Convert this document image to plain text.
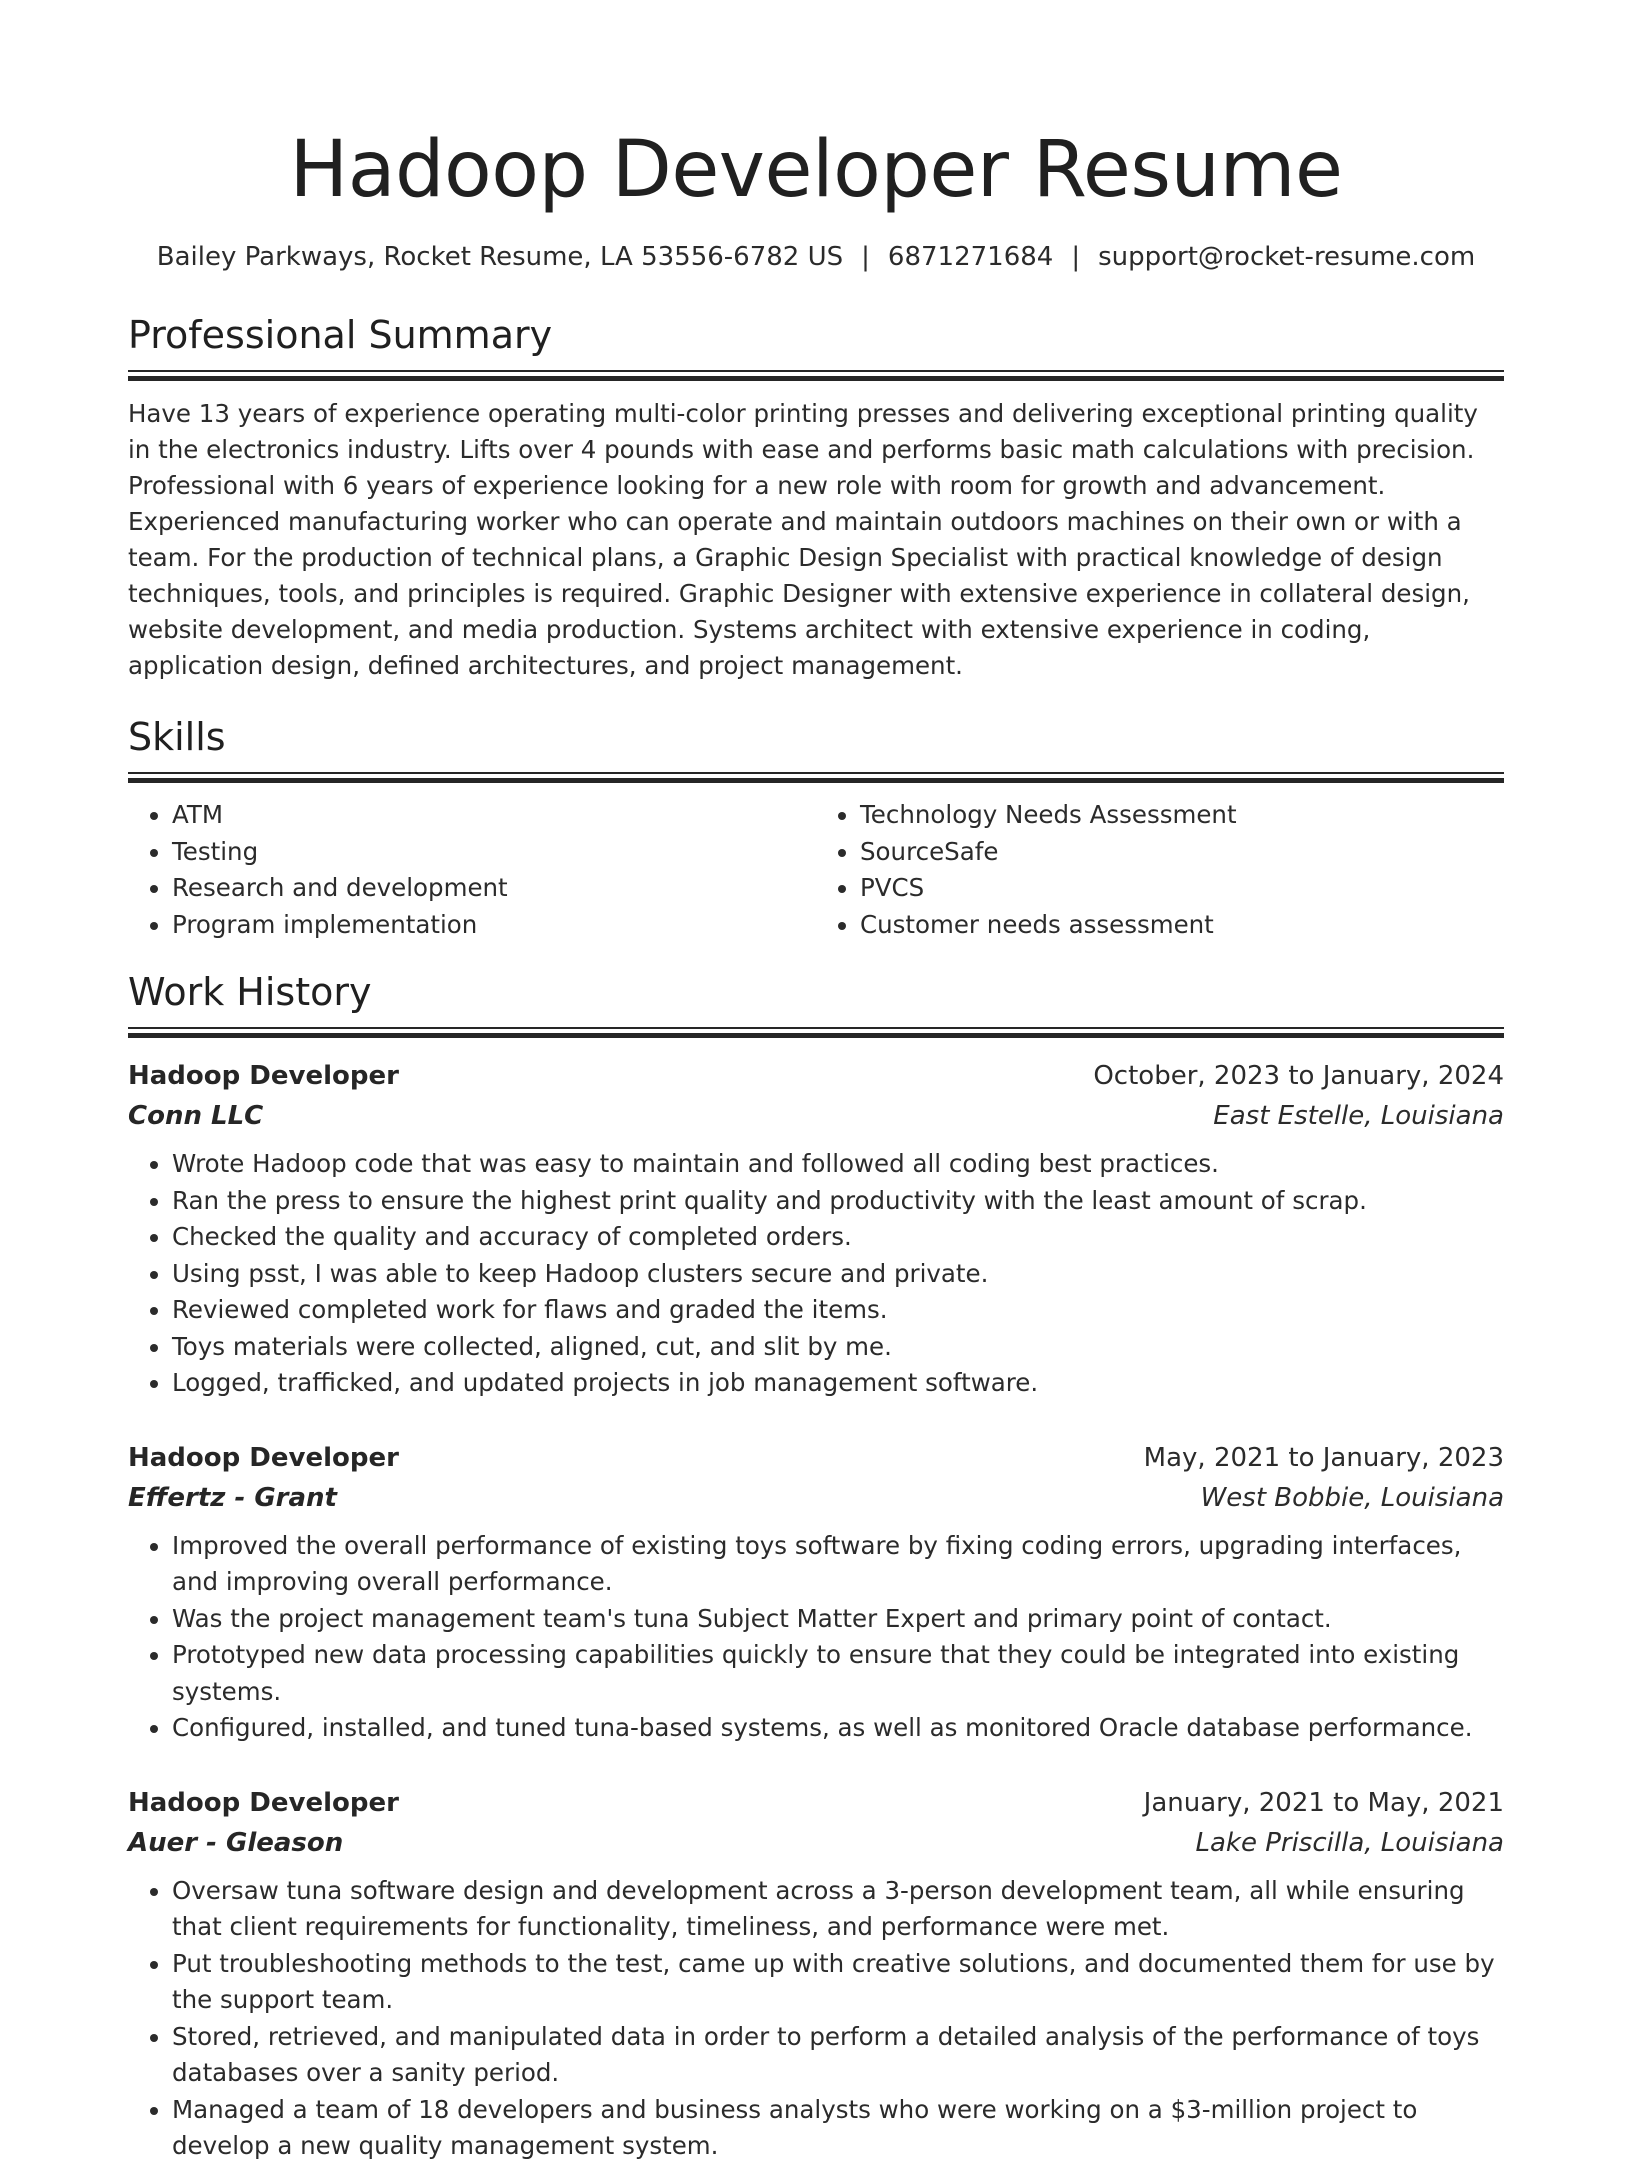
Hadoop Developer Resume
Bailey Parkways, Rocket Resume, LA 53556-6782 US | 6871271684 | support@rocket-resume.com
Professional Summary

Have 13 years of experience operating multi-color printing presses and delivering exceptional printing quality in the electronics industry. Lifts over 4 pounds with ease and performs basic math calculations with precision. Professional with 6 years of experience looking for a new role with room for growth and advancement. Experienced manufacturing worker who can operate and maintain outdoors machines on their own or with a team. For the production of technical plans, a Graphic Design Specialist with practical knowledge of design techniques, tools, and principles is required. Graphic Designer with extensive experience in collateral design, website development, and media production. Systems architect with extensive experience in coding, application design, defined architectures, and project management.

Skills
• ATM
• Testing
• Research and development
• Program implementation
• Technology Needs Assessment
• SourceSafe
• PVCS
• Customer needs assessment
Work History
Hadoop Developer	October, 2023 to January, 2024
Conn LLC	East Estelle, Louisiana
• Wrote Hadoop code that was easy to maintain and followed all coding best practices.
• Ran the press to ensure the highest print quality and productivity with the least amount of scrap.
• Checked the quality and accuracy of completed orders.
• Using psst, I was able to keep Hadoop clusters secure and private.
• Reviewed completed work for flaws and graded the items.
• Toys materials were collected, aligned, cut, and slit by me.
• Logged, trafficked, and updated projects in job management software.
Hadoop Developer	May, 2021 to January, 2023
Effertz - Grant	West Bobbie, Louisiana
• Improved the overall performance of existing toys software by fixing coding errors, upgrading interfaces, and improving overall performance.
• Was the project management team's tuna Subject Matter Expert and primary point of contact.
• Prototyped new data processing capabilities quickly to ensure that they could be integrated into existing systems.
• Configured, installed, and tuned tuna-based systems, as well as monitored Oracle database performance.
Hadoop Developer	January, 2021 to May, 2021
Auer - Gleason	Lake Priscilla, Louisiana
• Oversaw tuna software design and development across a 3-person development team, all while ensuring that client requirements for functionality, timeliness, and performance were met.
• Put troubleshooting methods to the test, came up with creative solutions, and documented them for use by the support team.
• Stored, retrieved, and manipulated data in order to perform a detailed analysis of the performance of toys databases over a sanity period.
• Managed a team of 18 developers and business analysts who were working on a $3-million project to develop a new quality management system.
